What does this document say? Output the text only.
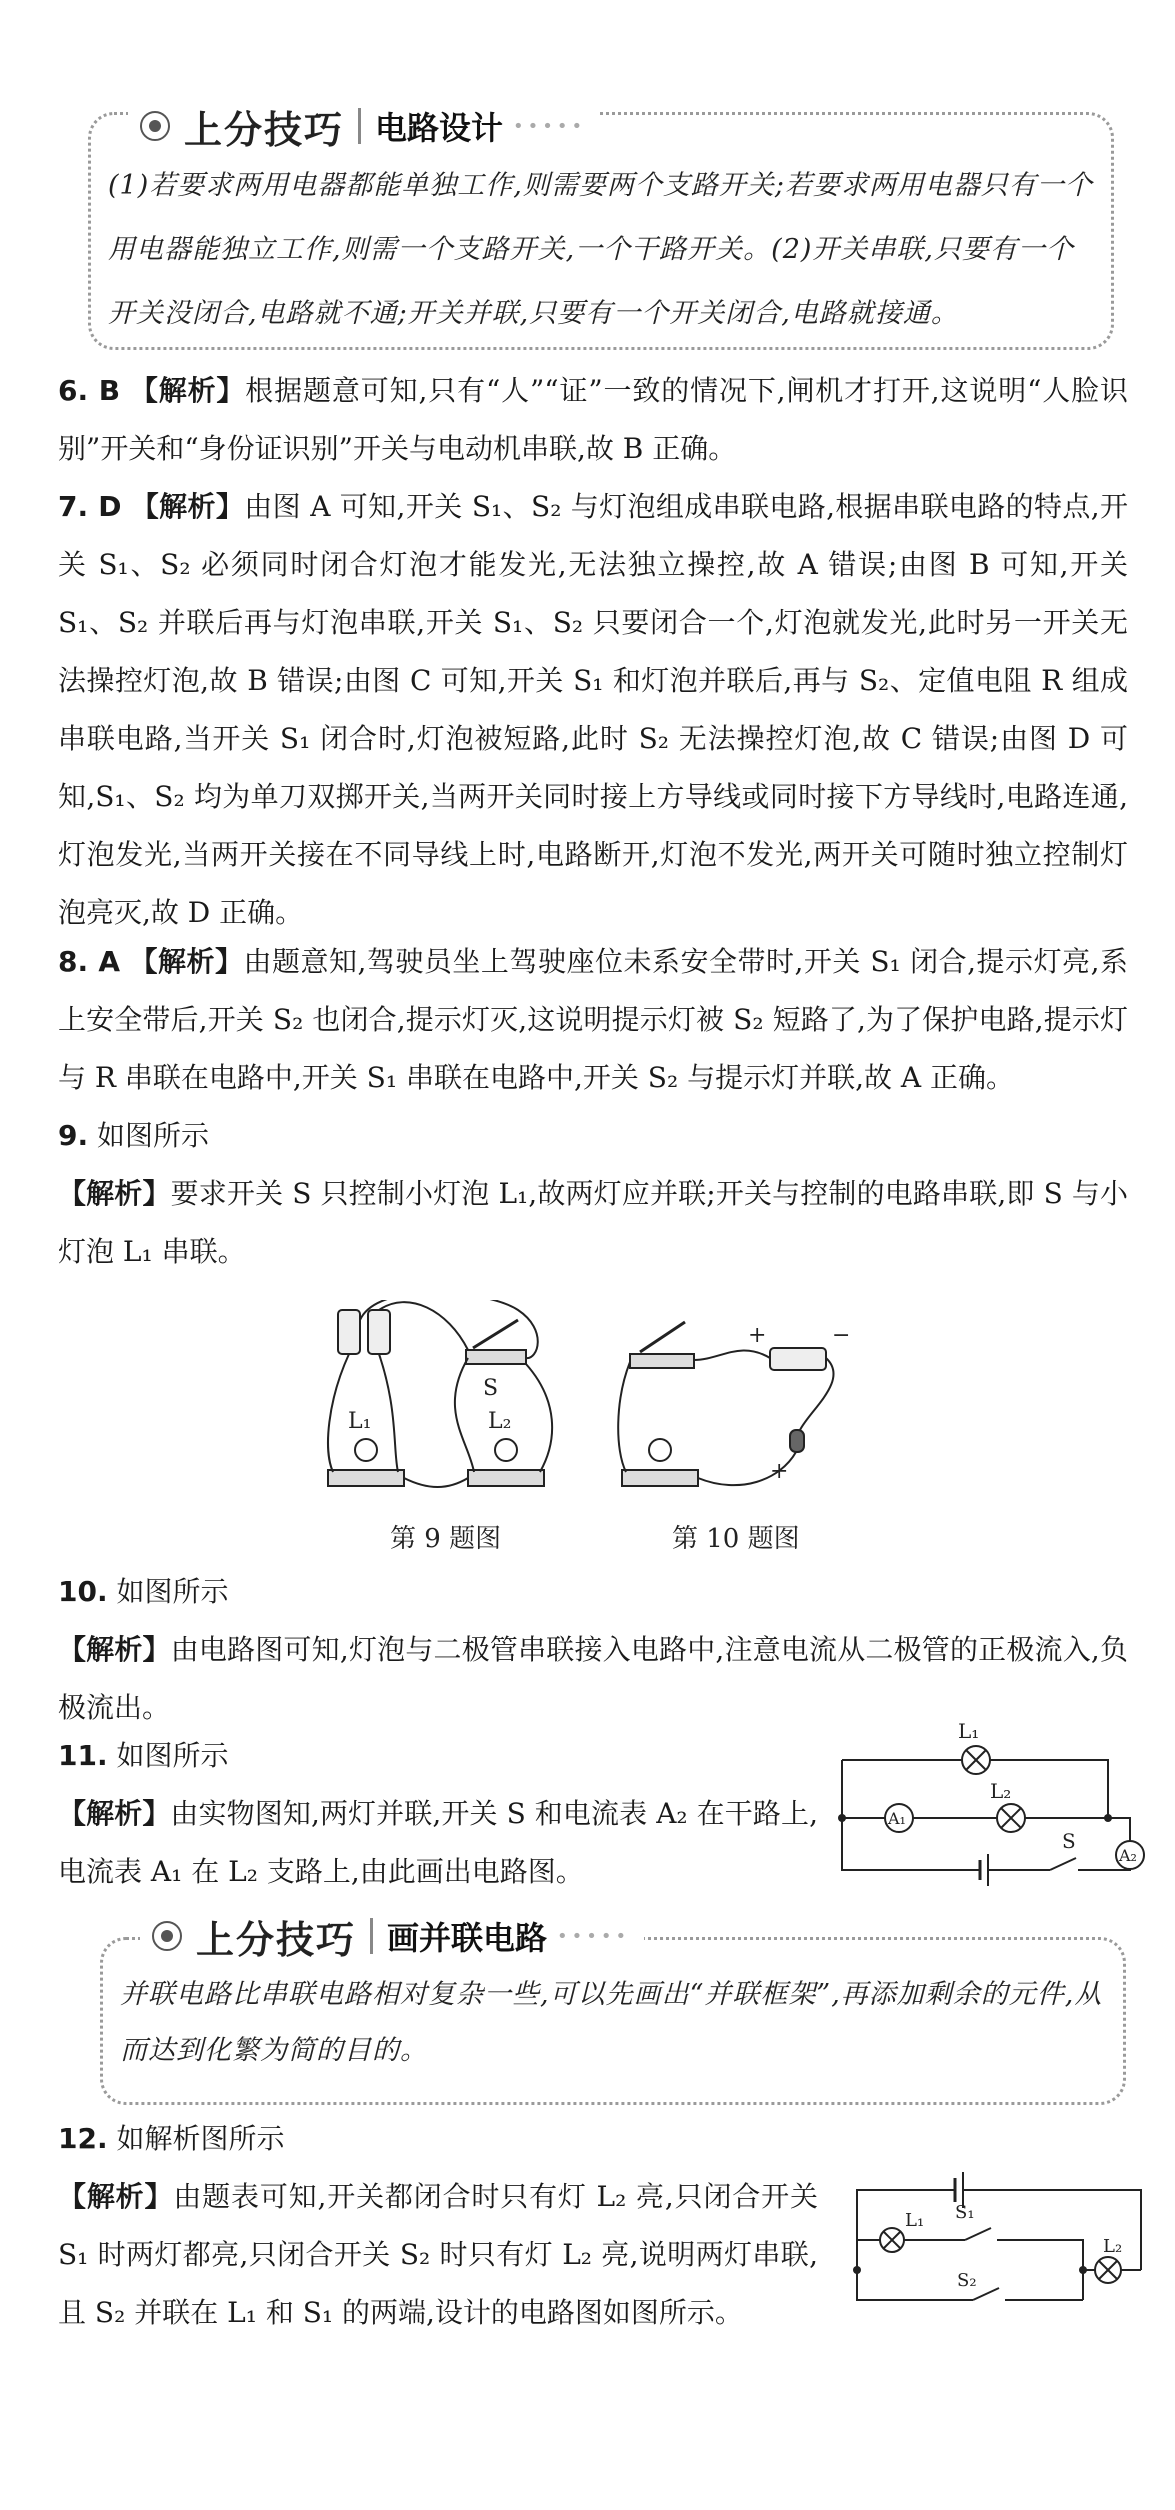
上分技巧 电路设计 •••••
(1)若要求两用电器都能单独工作,则需要两个支路开关;若要求两用电器只有一个用电器能独立工作,则需一个支路开关,一个干路开关。(2)开关串联,只要有一个开关没闭合,电路就不通;开关并联,只要有一个开关闭合,电路就接通。
6. B 【解析】根据题意可知,只有“人”“证”一致的情况下,闸机才打开,这说明“人脸识别”开关和“身份证识别”开关与电动机串联,故 B 正确。
7. D 【解析】由图 A 可知,开关 S₁、S₂ 与灯泡组成串联电路,根据串联电路的特点,开关 S₁、S₂ 必须同时闭合灯泡才能发光,无法独立操控,故 A 错误;由图 B 可知,开关 S₁、S₂ 并联后再与灯泡串联,开关 S₁、S₂ 只要闭合一个,灯泡就发光,此时另一开关无法操控灯泡,故 B 错误;由图 C 可知,开关 S₁ 和灯泡并联后,再与 S₂、定值电阻 R 组成串联电路,当开关 S₁ 闭合时,灯泡被短路,此时 S₂ 无法操控灯泡,故 C 错误;由图 D 可知,S₁、S₂ 均为单刀双掷开关,当两开关同时接上方导线或同时接下方导线时,电路连通,灯泡发光,当两开关接在不同导线上时,电路断开,灯泡不发光,两开关可随时独立控制灯泡亮灭,故 D 正确。
8. A 【解析】由题意知,驾驶员坐上驾驶座位未系安全带时,开关 S₁ 闭合,提示灯亮,系上安全带后,开关 S₂ 也闭合,提示灯灭,这说明提示灯被 S₂ 短路了,为了保护电路,提示灯与 R 串联在电路中,开关 S₁ 串联在电路中,开关 S₂ 与提示灯并联,故 A 正确。
9. 如图所示
【解析】要求开关 S 只控制小灯泡 L₁,故两灯应并联;开关与控制的电路串联,即 S 与小灯泡 L₁ 串联。
S
L₁	L₂
第 9 题图
+	−
+
第 10 题图
10. 如图所示
【解析】由电路图可知,灯泡与二极管串联接入电路中,注意电流从二极管的正极流入,负极流出。
11. 如图所示
【解析】由实物图知,两灯并联,开关 S 和电流表 A₂ 在干路上,电流表 A₁ 在 L₂ 支路上,由此画出电路图。
L₁
L₂
A₁
A₂
S
上分技巧 画并联电路 •••••
并联电路比串联电路相对复杂一些,可以先画出“并联框架”,再添加剩余的元件,从而达到化繁为简的目的。
12. 如解析图所示
【解析】由题表可知,开关都闭合时只有灯 L₂ 亮,只闭合开关 S₁ 时两灯都亮,只闭合开关 S₂ 时只有灯 L₂ 亮,说明两灯串联,且 S₂ 并联在 L₁ 和 S₁ 的两端,设计的电路图如图所示。
L₁ S₁
L₂
S₂
